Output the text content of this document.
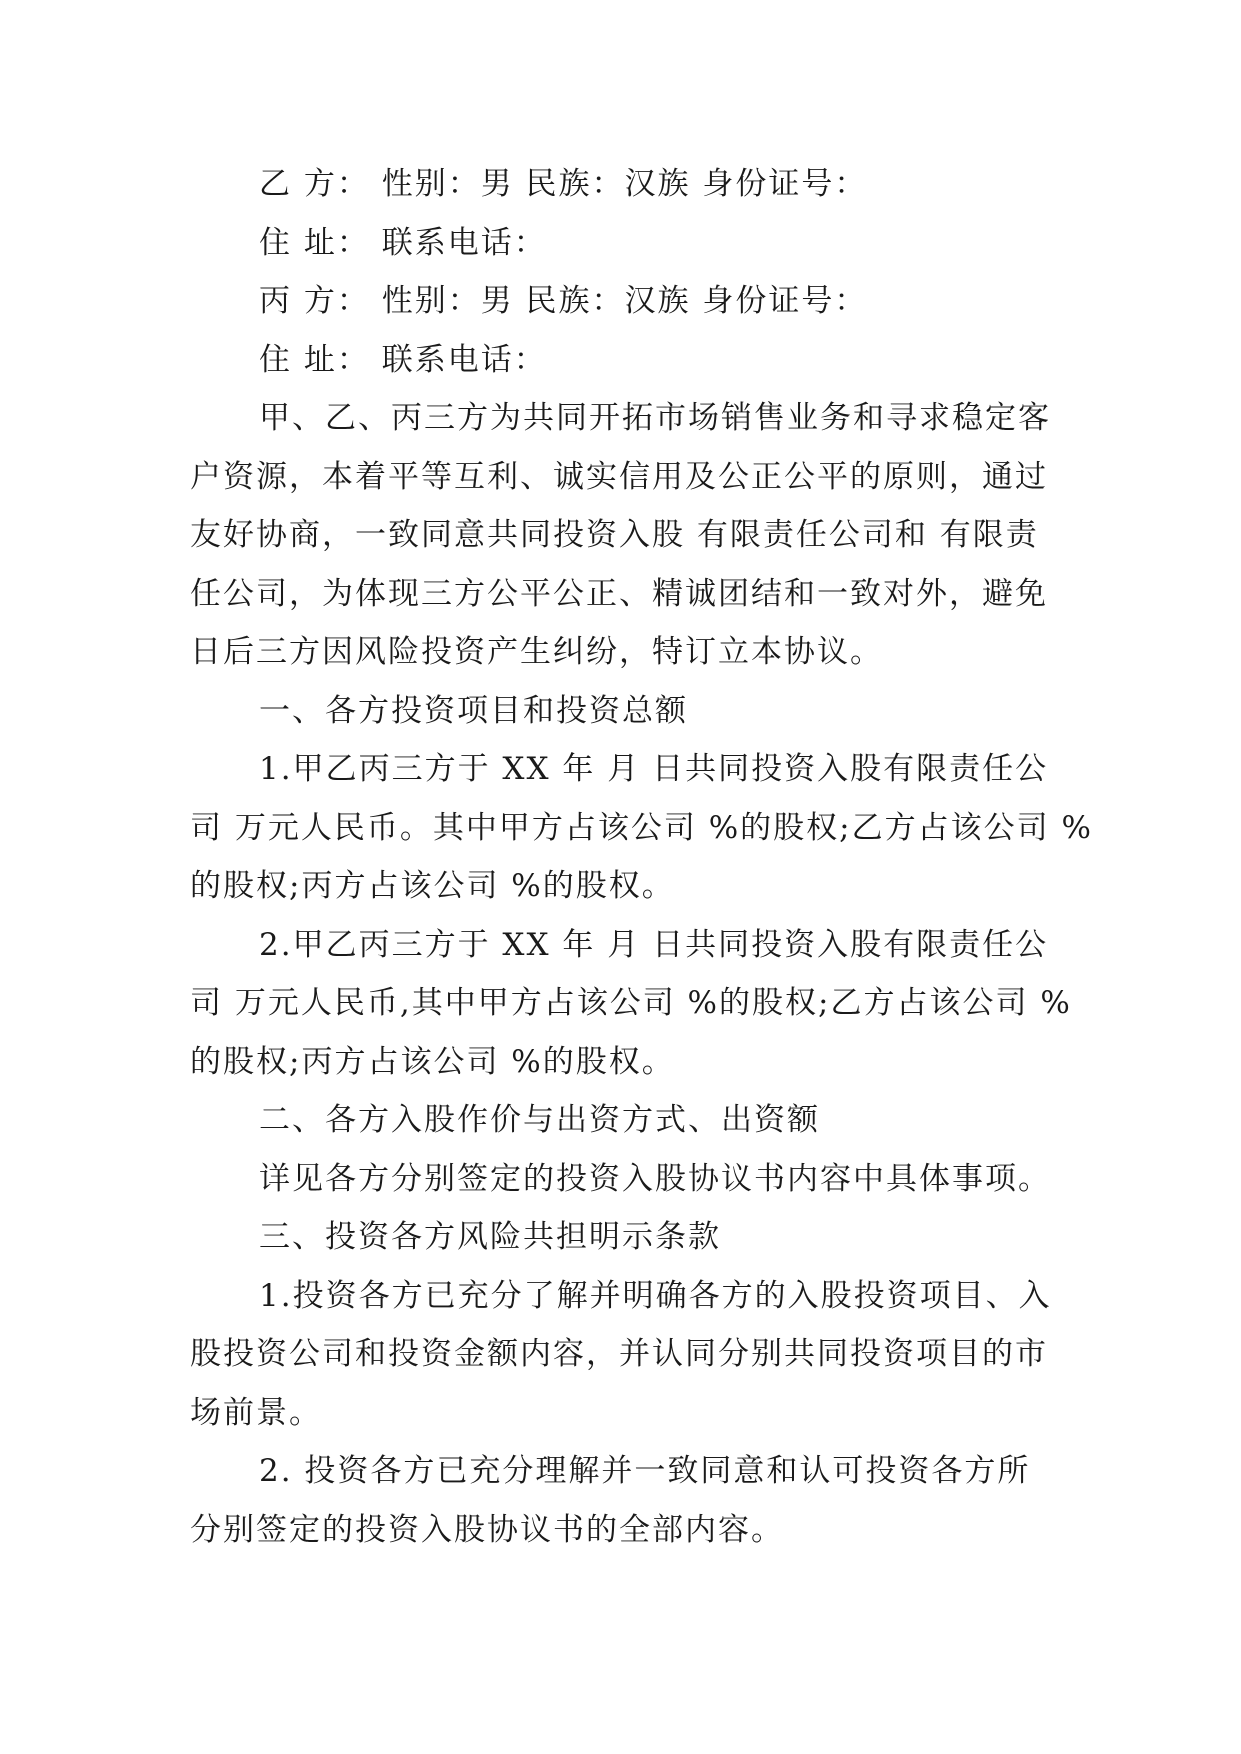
乙 方： 性别：男 民族：汉族 身份证号：
住 址： 联系电话：
丙 方： 性别：男 民族：汉族 身份证号：
住 址： 联系电话：
甲、乙、丙三方为共同开拓市场销售业务和寻求稳定客
户资源，本着平等互利、诚实信用及公正公平的原则，通过
友好协商，一致同意共同投资入股 有限责任公司和 有限责
任公司，为体现三方公平公正、精诚团结和一致对外，避免
日后三方因风险投资产生纠纷，特订立本协议。
一、各方投资项目和投资总额
1.甲乙丙三方于 XX 年 月 日共同投资入股有限责任公
司 万元人民币。其中甲方占该公司 %的股权;乙方占该公司 %
的股权;丙方占该公司 %的股权。
2.甲乙丙三方于 XX 年 月 日共同投资入股有限责任公
司 万元人民币,其中甲方占该公司 %的股权;乙方占该公司 %
的股权;丙方占该公司 %的股权。
二、各方入股作价与出资方式、出资额
详见各方分别签定的投资入股协议书内容中具体事项。
三、投资各方风险共担明示条款
1.投资各方已充分了解并明确各方的入股投资项目、入
股投资公司和投资金额内容，并认同分别共同投资项目的市
场前景。
2. 投资各方已充分理解并一致同意和认可投资各方所
分别签定的投资入股协议书的全部内容。
